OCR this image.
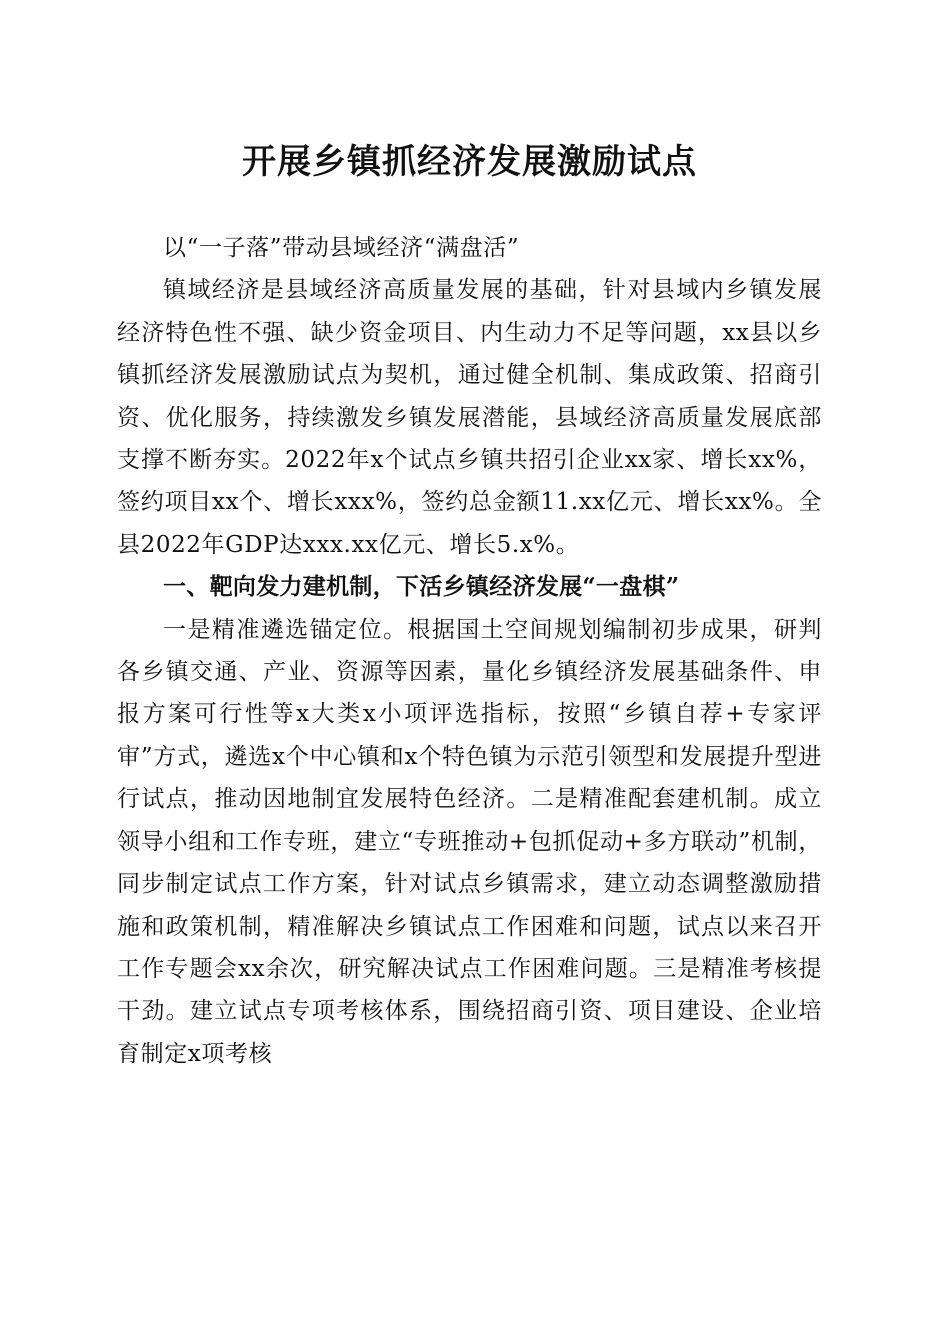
开展乡镇抓经济发展激励试点

以“一子落”带动县域经济“满盘活”

镇域经济是县域经济高质量发展的基础，针对县域内乡镇发展经济特色性不强、缺少资金项目、内生动力不足等问题，xx县以乡镇抓经济发展激励试点为契机，通过健全机制、集成政策、招商引资、优化服务，持续激发乡镇发展潜能，县域经济高质量发展底部支撑不断夯实。2022年x个试点乡镇共招引企业xx家、增长xx%，签约项目xx个、增长xxx%，签约总金额11.xx亿元、增长xx%。全县2022年GDP达xxx.xx亿元、增长5.x%。

一、靶向发力建机制，下活乡镇经济发展“一盘棋”

一是精准遴选锚定位。根据国土空间规划编制初步成果，研判各乡镇交通、产业、资源等因素，量化乡镇经济发展基础条件、申报方案可行性等x大类x小项评选指标，按照“乡镇自荐+专家评审”方式，遴选x个中心镇和x个特色镇为示范引领型和发展提升型进行试点，推动因地制宜发展特色经济。二是精准配套建机制。成立领导小组和工作专班，建立“专班推动+包抓促动+多方联动”机制，同步制定试点工作方案，针对试点乡镇需求，建立动态调整激励措施和政策机制，精准解决乡镇试点工作困难和问题，试点以来召开工作专题会xx余次，研究解决试点工作困难问题。三是精准考核提干劲。建立试点专项考核体系，围绕招商引资、项目建设、企业培育制定x项考核
